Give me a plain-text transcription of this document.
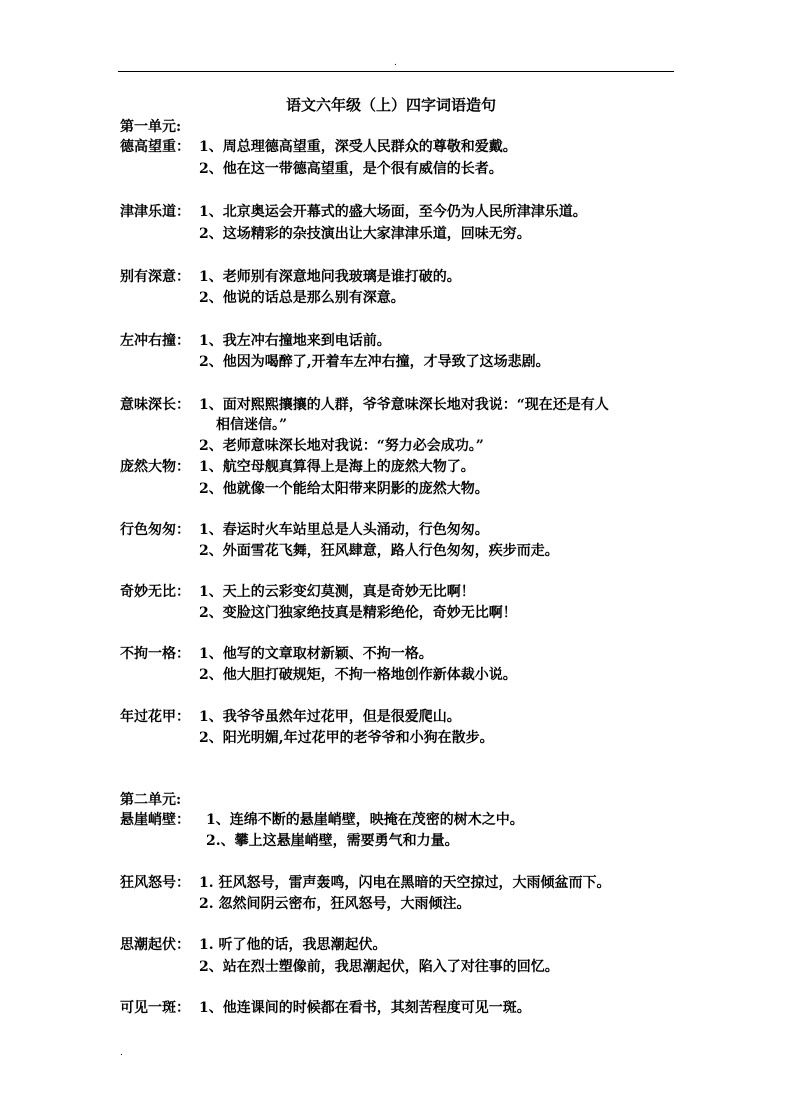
.
语文六年级（上）四字词语造句
第一单元:
德高望重： 1、周总理德高望重，深受人民群众的尊敬和爱戴。
2、他在这一带德高望重，是个很有威信的长者。
津津乐道： 1、北京奥运会开幕式的盛大场面，至今仍为人民所津津乐道。
2、这场精彩的杂技演出让大家津津乐道，回味无穷。
别有深意： 1、老师别有深意地问我玻璃是谁打破的。
2、他说的话总是那么别有深意。
左冲右撞： 1、我左冲右撞地来到电话前。
2、他因为喝醉了,开着车左冲右撞，才导致了这场悲剧。
意味深长： 1、面对熙熙攘攘的人群，爷爷意味深长地对我说：“现在还是有人
相信迷信。”
2、老师意味深长地对我说：“努力必会成功。”
庞然大物： 1、航空母舰真算得上是海上的庞然大物了。
2、他就像一个能给太阳带来阴影的庞然大物。
行色匆匆： 1、春运时火车站里总是人头涌动，行色匆匆。
2、外面雪花飞舞，狂风肆意，路人行色匆匆，疾步而走。
奇妙无比： 1、天上的云彩变幻莫测，真是奇妙无比啊！
2、变脸这门独家绝技真是精彩绝伦，奇妙无比啊！
不拘一格： 1、他写的文章取材新颖、不拘一格。
2、他大胆打破规矩，不拘一格地创作新体裁小说。
年过花甲： 1、我爷爷虽然年过花甲，但是很爱爬山。
2、阳光明媚,年过花甲的老爷爷和小狗在散步。
第二单元:
悬崖峭壁： 1、连绵不断的悬崖峭壁，映掩在茂密的树木之中。
2.、攀上这悬崖峭壁，需要勇气和力量。
狂风怒号： 1. 狂风怒号，雷声轰鸣，闪电在黑暗的天空掠过，大雨倾盆而下。
2. 忽然间阴云密布，狂风怒号，大雨倾注。
思潮起伏： 1. 听了他的话，我思潮起伏。
2、站在烈士塑像前，我思潮起伏，陷入了对往事的回忆。
可见一斑： 1、他连课间的时候都在看书，其刻苦程度可见一斑。
.
